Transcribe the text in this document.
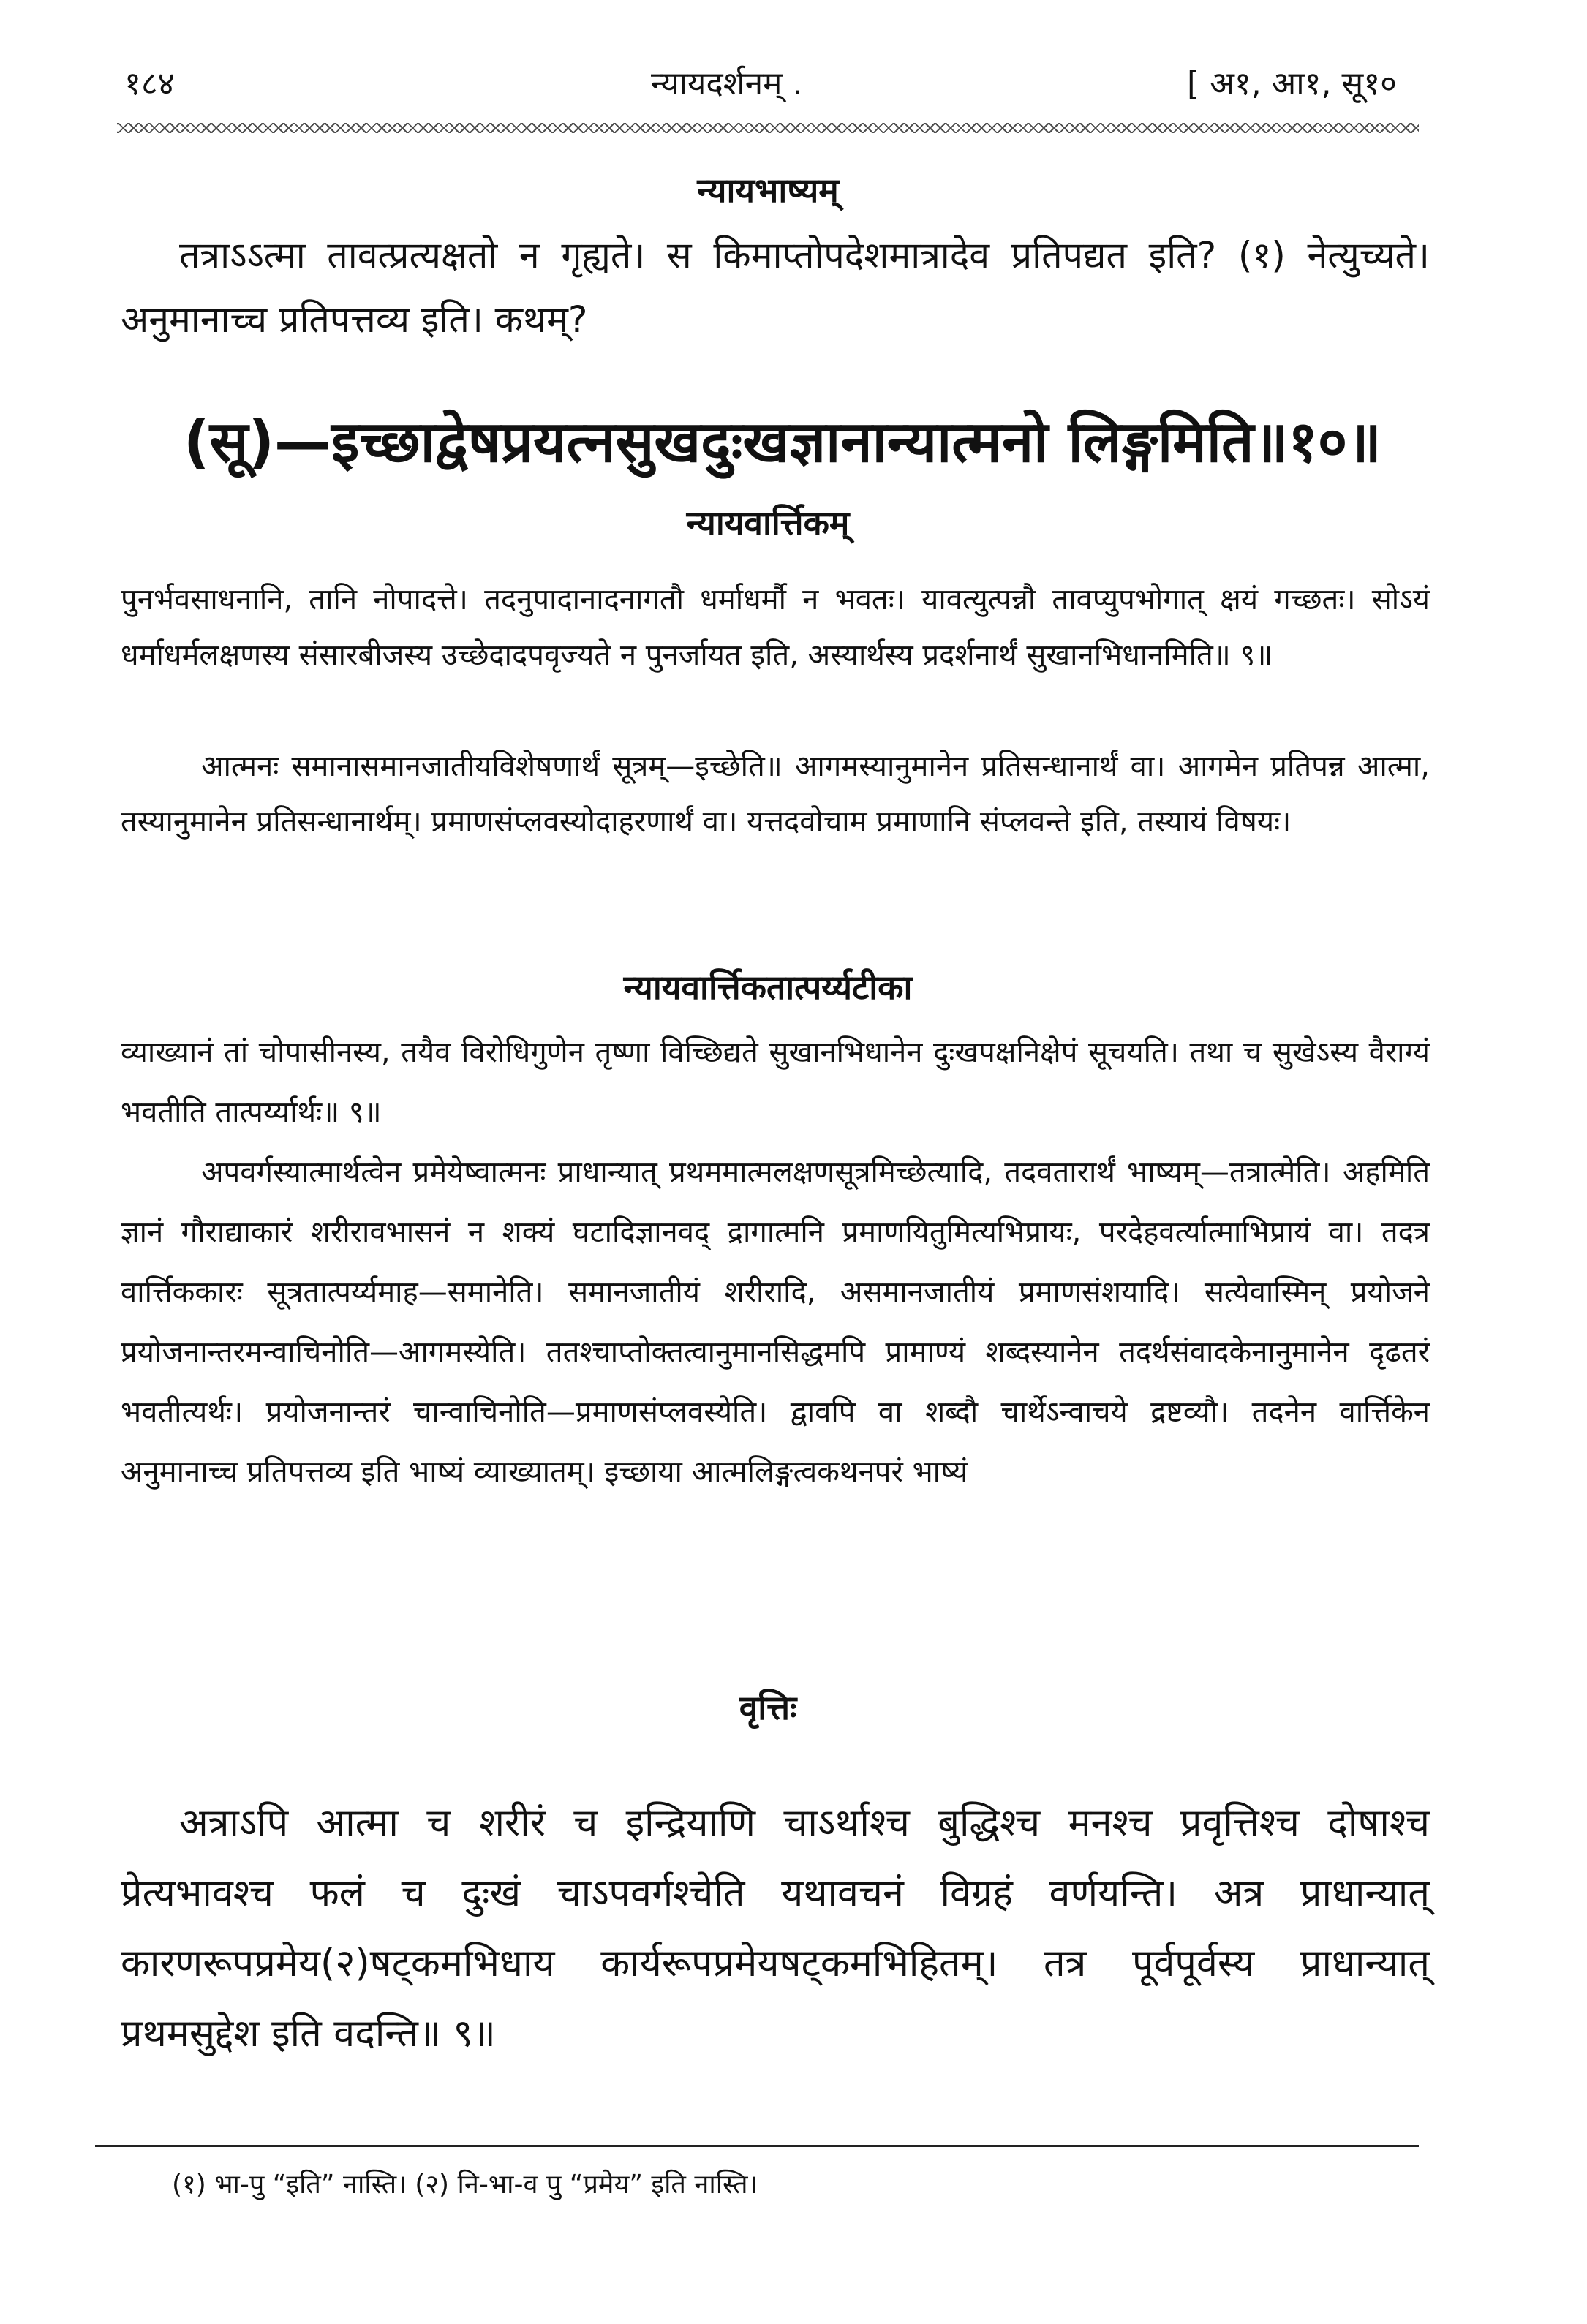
१८४	न्यायदर्शनम् .	[ अ१, आ१, सू१०
न्यायभाष्यम्
तत्राऽऽत्मा तावत्प्रत्यक्षतो न गृह्यते। स किमाप्तोपदेशमात्रादेव प्रतिपद्यत इति? (१) नेत्युच्यते। अनुमानाच्च प्रतिपत्तव्य इति। कथम्?
(सू)—इच्छाद्वेषप्रयत्नसुखदुःखज्ञानान्यात्मनो लिङ्गमिति॥१०॥
न्यायवार्त्तिकम्
पुनर्भवसाधनानि, तानि नोपादत्ते। तदनुपादानादनागतौ धर्माधर्मौ न भवतः। यावत्युत्पन्नौ तावप्युपभोगात् क्षयं गच्छतः। सोऽयं धर्माधर्मलक्षणस्य संसारबीजस्य उच्छेदादपवृज्यते न पुनर्जायत इति, अस्यार्थस्य प्रदर्शनार्थं सुखानभिधानमिति॥ ९॥
आत्मनः समानासमानजातीयविशेषणार्थं सूत्रम्—इच्छेति॥ आगमस्यानुमानेन प्रतिसन्धानार्थं वा। आगमेन प्रतिपन्न आत्मा, तस्यानुमानेन प्रतिसन्धानार्थम्। प्रमाणसंप्लवस्योदाहरणार्थं वा। यत्तदवोचाम प्रमाणानि संप्लवन्ते इति, तस्यायं विषयः।
न्यायवार्त्तिकतात्पर्य्यटीका
व्याख्यानं तां चोपासीनस्य, तयैव विरोधिगुणेन तृष्णा विच्छिद्यते सुखानभिधानेन दुःखपक्षनिक्षेपं सूचयति। तथा च सुखेऽस्य वैराग्यं भवतीति तात्पर्य्यार्थः॥ ९॥
अपवर्गस्यात्मार्थत्वेन प्रमेयेष्वात्मनः प्राधान्यात् प्रथममात्मलक्षणसूत्रमिच्छेत्यादि, तदवतारार्थं भाष्यम्—तत्रात्मेति। अहमिति ज्ञानं गौराद्याकारं शरीरावभासनं न शक्यं घटादिज्ञानवद् द्रागात्मनि प्रमाणयितुमित्यभिप्रायः, परदेहवर्त्यात्माभिप्रायं वा। तदत्र वार्त्तिककारः सूत्रतात्पर्य्यमाह—समानेति। समानजातीयं शरीरादि, असमानजातीयं प्रमाणसंशयादि। सत्येवास्मिन् प्रयोजने प्रयोजनान्तरमन्वाचिनोति—आगमस्येति। ततश्चाप्तोक्तत्वानुमानसिद्धमपि प्रामाण्यं शब्दस्यानेन तदर्थसंवादकेनानुमानेन दृढतरं भवतीत्यर्थः। प्रयोजनान्तरं चान्वाचिनोति—प्रमाणसंप्लवस्येति। द्वावपि वा शब्दौ चार्थेऽन्वाचये द्रष्टव्यौ। तदनेन वार्त्तिकेन अनुमानाच्च प्रतिपत्तव्य इति भाष्यं व्याख्यातम्। इच्छाया आत्मलिङ्गत्वकथनपरं भाष्यं
वृत्तिः
अत्राऽपि आत्मा च शरीरं च इन्द्रियाणि चाऽर्थाश्च बुद्धिश्च मनश्च प्रवृत्तिश्च दोषाश्च प्रेत्यभावश्च फलं च दुःखं चाऽपवर्गश्चेति यथावचनं विग्रहं वर्णयन्ति। अत्र प्राधान्यात् कारणरूपप्रमेय(२)षट्कमभिधाय कार्यरूपप्रमेयषट्कमभिहितम्। तत्र पूर्वपूर्वस्य प्राधान्यात् प्रथमसुद्देश इति वदन्ति॥ ९॥
(१) भा-पु “इति” नास्ति। (२) नि-भा-व पु “प्रमेय” इति नास्ति।
